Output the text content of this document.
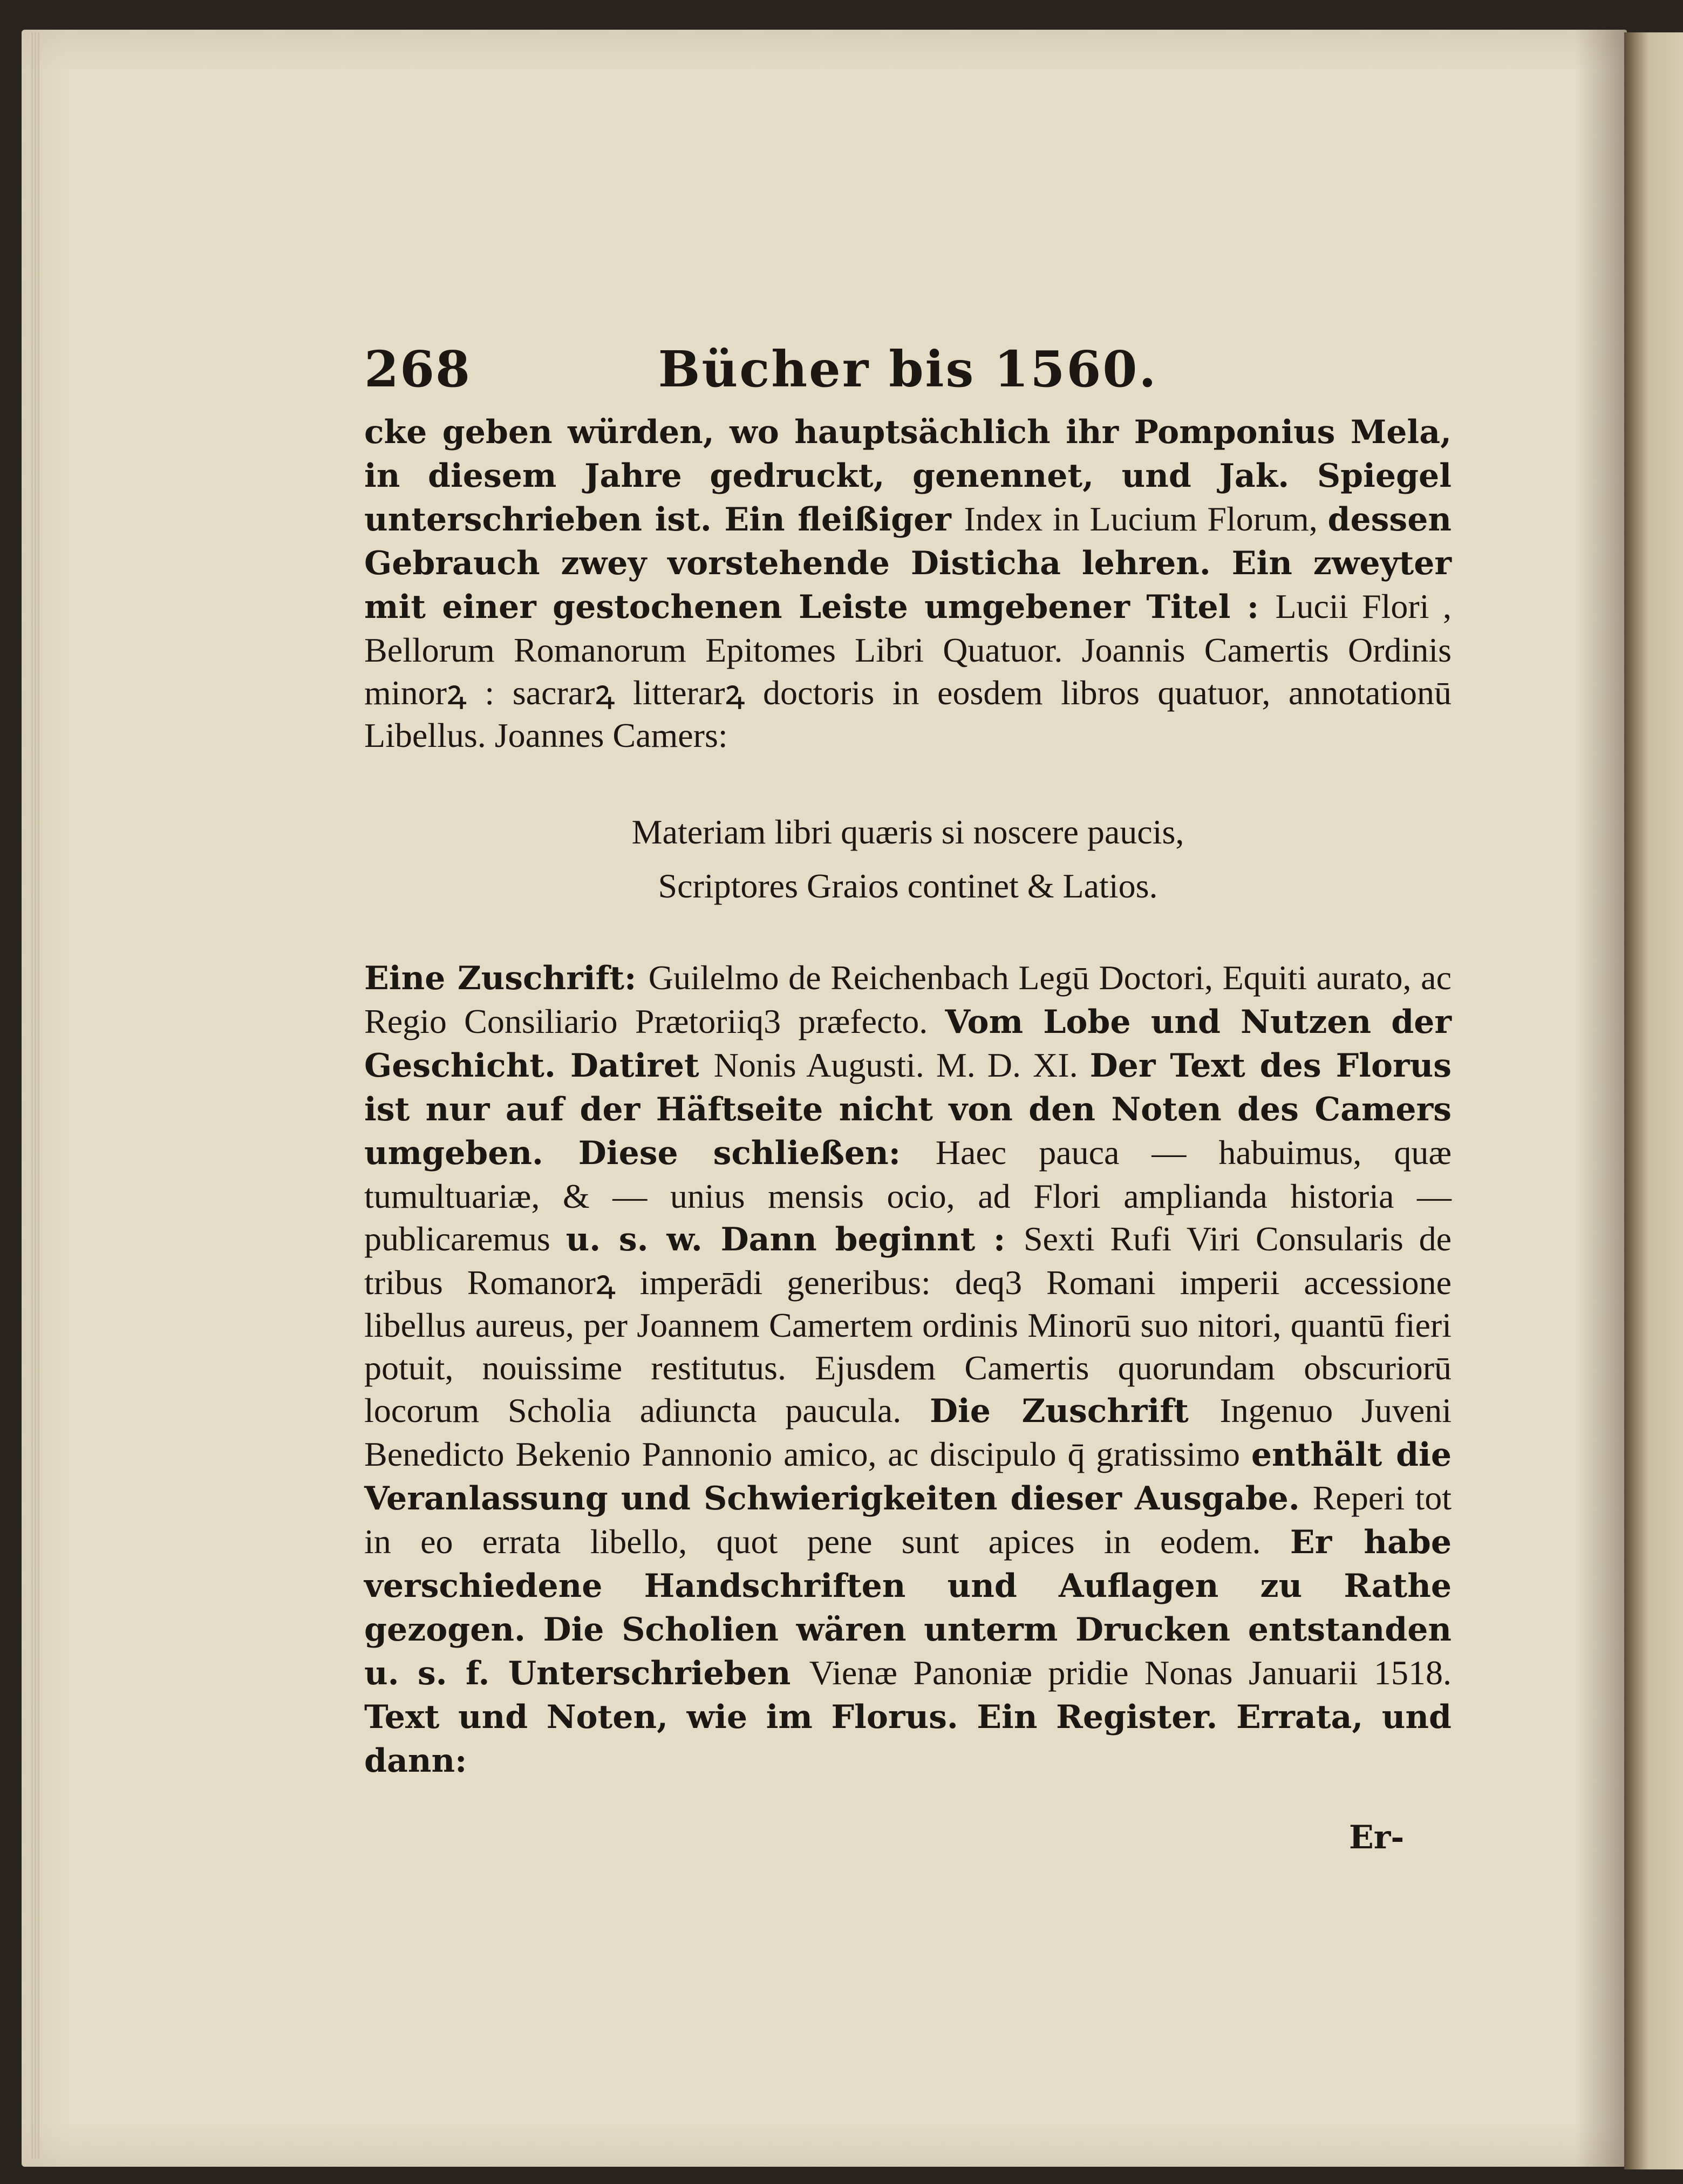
268	Bücher bis 1560.

cke geben würden, wo hauptsächlich ihr Pomponius Mela, in diesem Jahre gedruckt, genennet, und Jak. Spiegel unterschrieben ist. Ein fleißiger Index in Lucium Florum, dessen Gebrauch zwey vorstehende Disticha lehren. Ein zweyter mit einer gestochenen Leiste umgebener Titel : Lucii Flori , Bellorum Romanorum Epitomes Libri Quatuor. Joannis Camertis Ordinis minorꝝ : sacrarꝝ litterarꝝ doctoris in eosdem libros quatuor, annotationū Libellus. Joannes Camers:

Materiam libri quæris si noscere paucis,
Scriptores Graios continet & Latios.

Eine Zuschrift: Guilelmo de Reichenbach Legū Doctori, Equiti aurato, ac Regio Consiliario Prætoriiq3 præfecto. Vom Lobe und Nutzen der Geschicht. Datiret Nonis Augusti. M. D. XI. Der Text des Florus ist nur auf der Häftseite nicht von den Noten des Camers umgeben. Diese schließen: Haec pauca — habuimus, quæ tumultuariæ, & — unius mensis ocio, ad Flori amplianda historia — publicaremus u. s. w. Dann beginnt : Sexti Rufi Viri Consularis de tribus Romanorꝝ imperādi generibus: deq3 Romani imperii accessione libellus aureus, per Joannem Camertem ordinis Minorū suo nitori, quantū fieri potuit, nouissime restitutus. Ejusdem Camertis quorundam obscuriorū locorum Scholia adiuncta paucula. Die Zuschrift Ingenuo Juveni Benedicto Bekenio Pannonio amico, ac discipulo q̄ gratissimo enthält die Veranlassung und Schwierigkeiten dieser Ausgabe. Reperi tot in eo errata libello, quot pene sunt apices in eodem. Er habe verschiedene Handschriften und Auflagen zu Rathe gezogen. Die Scholien wären unterm Drucken entstanden u. s. f. Unterschrieben Vienæ Panoniæ pridie Nonas Januarii 1518. Text und Noten, wie im Florus. Ein Register. Errata, und dann:

Er-
